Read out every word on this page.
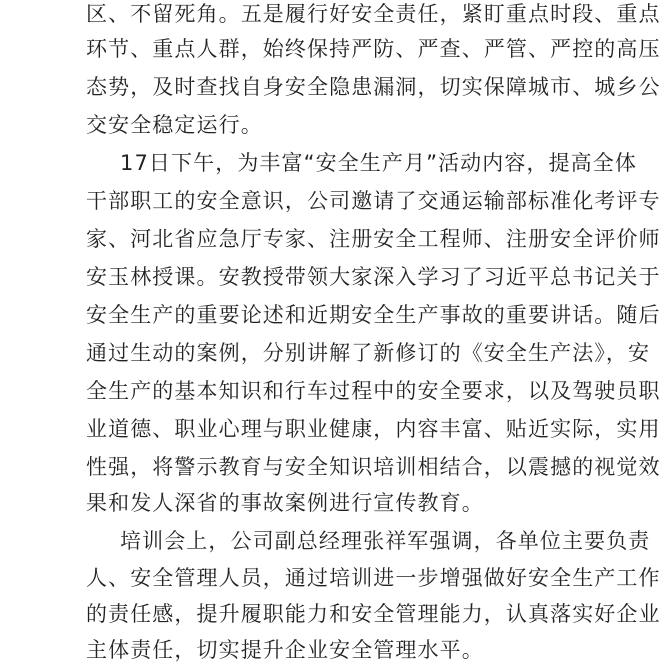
区、不留死角。五是履行好安全责任，紧盯重点时段、重点
环节、重点人群，始终保持严防、严查、严管、严控的高压
态势，及时查找自身安全隐患漏洞，切实保障城市、城乡公
交安全稳定运行。
17日下午，为丰富“安全生产月”活动内容，提高全体
干部职工的安全意识，公司邀请了交通运输部标准化考评专
家、河北省应急厅专家、注册安全工程师、注册安全评价师
安玉林授课。安教授带领大家深入学习了习近平总书记关于
安全生产的重要论述和近期安全生产事故的重要讲话。随后
通过生动的案例，分别讲解了新修订的《安全生产法》，安
全生产的基本知识和行车过程中的安全要求，以及驾驶员职
业道德、职业心理与职业健康，内容丰富、贴近实际，实用
性强，将警示教育与安全知识培训相结合，以震撼的视觉效
果和发人深省的事故案例进行宣传教育。
培训会上，公司副总经理张祥军强调，各单位主要负责
人、安全管理人员，通过培训进一步增强做好安全生产工作
的责任感，提升履职能力和安全管理能力，认真落实好企业
主体责任，切实提升企业安全管理水平。
